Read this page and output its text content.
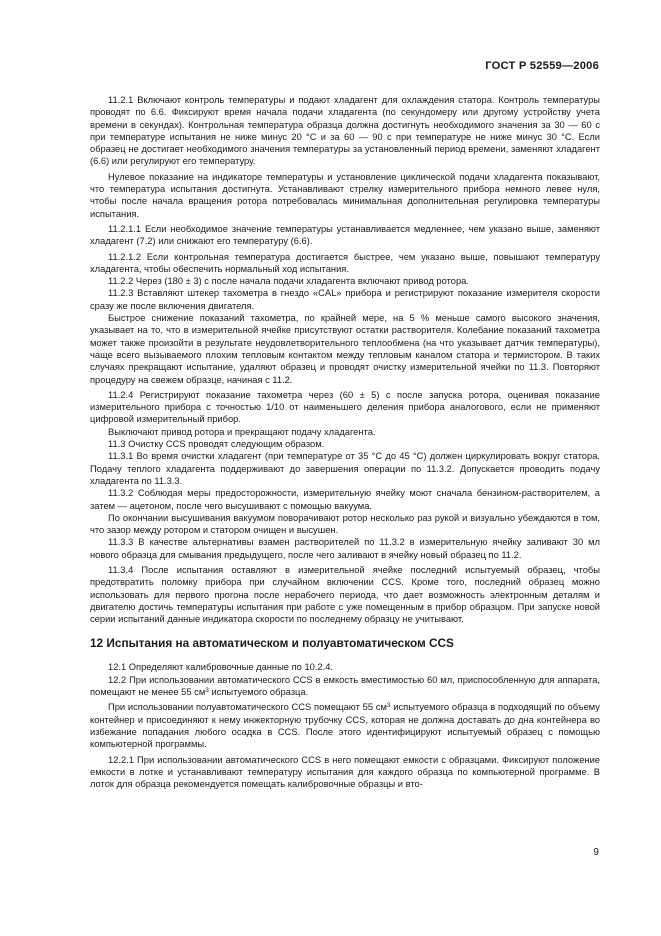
ГОСТ Р 52559—2006

11.2.1 Включают контроль температуры и подают хладагент для охлаждения статора. Контроль температуры проводят по 6.6. Фиксируют время начала подачи хладагента (по секундомеру или другому устройству учета времени в секундах). Контрольная температура образца должна достигнуть необходимого значения за 30 — 60 с при температуре испытания не ниже минус 20 °С и за 60 — 90 с при температуре не ниже минус 30 °С. Если образец не достигает необходимого значения температуры за установленный период времени, заменяют хладагент (6.6) или регулируют его температуру.

Нулевое показание на индикаторе температуры и установление циклической подачи хладагента показывают, что температура испытания достигнута. Устанавливают стрелку измерительного прибора немного левее нуля, чтобы после начала вращения ротора потребовалась минимальная дополнительная регулировка температуры испытания.

11.2.1.1 Если необходимое значение температуры устанавливается медленнее, чем указано выше, заменяют хладагент (7.2) или снижают его температуру (6.6).

11.2.1.2 Если контрольная температура достигается быстрее, чем указано выше, повышают температуру хладагента, чтобы обеспечить нормальный ход испытания.

11.2.2 Через (180 ± 3) с после начала подачи хладагента включают привод ротора.

11.2.3 Вставляют штекер тахометра в гнездо «CAL» прибора и регистрируют показание измерителя скорости сразу же после включения двигателя.

Быстрое снижение показаний тахометра, по крайней мере, на 5 % меньше самого высокого значения, указывает на то, что в измерительной ячейке присутствуют остатки растворителя. Колебание показаний тахометра может также произойти в результате неудовлетворительного теплообмена (на что указывает датчик температуры), чаще всего вызываемого плохим тепловым контактом между тепловым каналом статора и термистором. В таких случаях прекращают испытание, удаляют образец и проводят очистку измерительной ячейки по 11.3. Повторяют процедуру на свежем образце, начиная с 11.2.

11.2.4 Регистрируют показание тахометра через (60 ± 5) с после запуска ротора, оценивая показание измерительного прибора с точностью 1/10 от наименьшего деления прибора аналогового, если не применяют цифровой измерительный прибор.

Выключают привод ротора и прекращают подачу хладагента.

11.3 Очистку CCS проводят следующим образом.

11.3.1 Во время очистки хладагент (при температуре от 35 °С до 45 °С) должен циркулировать вокруг статора. Подачу теплого хладагента поддерживают до завершения операции по 11.3.2. Допускается проводить подачу хладагента по 11.3.3.

11.3.2 Соблюдая меры предосторожности, измерительную ячейку моют сначала бензином-растворителем, а затем — ацетоном, после чего высушивают с помощью вакуума.

По окончании высушивания вакуумом поворачивают ротор несколько раз рукой и визуально убеждаются в том, что зазор между ротором и статором очищен и высушен.

11.3.3 В качестве альтернативы взамен растворителей по 11.3.2 в измерительную ячейку заливают 30 мл нового образца для смывания предыдущего, после чего заливают в ячейку новый образец по 11.2.

11.3.4 После испытания оставляют в измерительной ячейке последний испытуемый образец, чтобы предотвратить поломку прибора при случайном включении CCS. Кроме того, последний образец можно использовать для первого прогона после нерабочего периода, что дает возможность электронным деталям и двигателю достичь температуры испытания при работе с уже помещенным в прибор образцом. При запуске новой серии испытаний данные индикатора скорости по последнему образцу не учитывают.

12 Испытания на автоматическом и полуавтоматическом CCS

12.1 Определяют калибровочные данные по 10.2.4.

12.2 При использовании автоматического CCS в емкость вместимостью 60 мл, приспособленную для аппарата, помещают не менее 55 $см^3$ испытуемого образца.

При использовании полуавтоматического CCS помещают 55 $см^3$ испытуемого образца в подходящий по объему контейнер и присоединяют к нему инжекторную трубочку CCS, которая не должна доставать до дна контейнера во избежание попадания любого осадка в CCS. После этого идентифицируют испытуемый образец с помощью компьютерной программы.

12.2.1 При использовании автоматического CCS в него помещают емкости с образцами. Фиксируют положение емкости в лотке и устанавливают температуру испытания для каждого образца по компьютерной программе. В лоток для образца рекомендуется помещать калибровочные образцы и вто-

9
